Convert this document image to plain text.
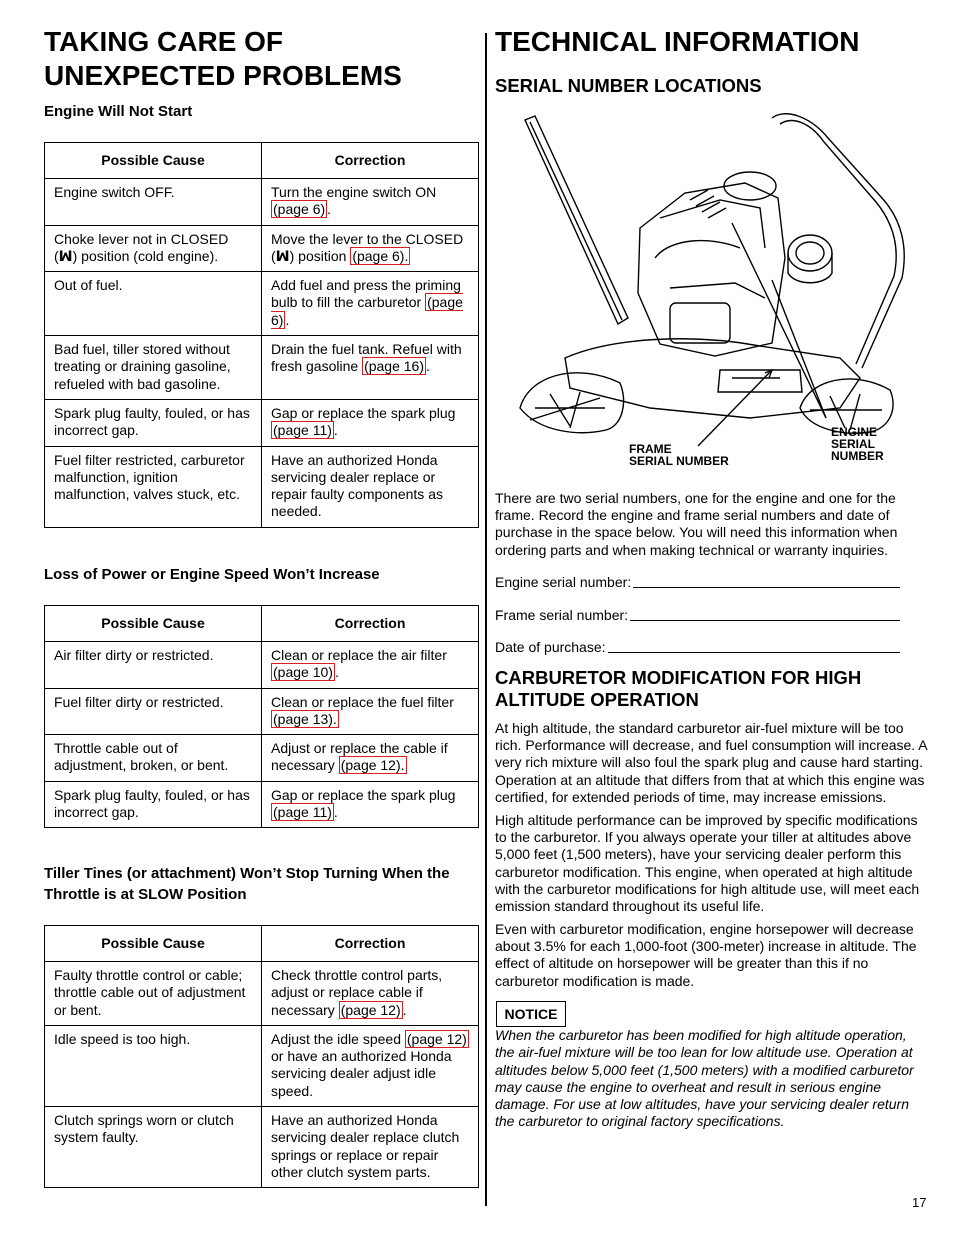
TAKING CARE OF
UNEXPECTED PROBLEMS
Engine Will Not Start
Possible Cause	Correction
Engine switch OFF.	Turn the engine switch ON (page 6) .
Choke lever not in CLOSED (ꟽ) position (cold engine).	Move the lever to the CLOSED (ꟽ) position (page 6).
Out of fuel.	Add fuel and press the priming bulb to fill the carburetor (page 6) .
Bad fuel, tiller stored without treating or draining gasoline, refueled with bad gasoline.	Drain the fuel tank. Refuel with fresh gasoline (page 16) .
Spark plug faulty, fouled, or has incorrect gap.	Gap or replace the spark plug (page 11) .
Fuel filter restricted, carburetor malfunction, ignition malfunction, valves stuck, etc.	Have an authorized Honda servicing dealer replace or repair faulty components as needed.
Loss of Power or Engine Speed Won’t Increase
Possible Cause	Correction
Air filter dirty or restricted.	Clean or replace the air filter (page 10) .
Fuel filter dirty or restricted.	Clean or replace the fuel filter (page 13).
Throttle cable out of adjustment, broken, or bent.	Adjust or replace the cable if necessary (page 12).
Spark plug faulty, fouled, or has incorrect gap.	Gap or replace the spark plug (page 11) .
Tiller Tines (or attachment) Won’t Stop Turning When the Throttle is at SLOW Position
Possible Cause	Correction
Faulty throttle control or cable; throttle cable out of adjustment or bent.	Check throttle control parts, adjust or replace cable if necessary (page 12) .
Idle speed is too high.	Adjust the idle speed (page 12) or have an authorized Honda servicing dealer adjust idle speed.
Clutch springs worn or clutch system faulty.	Have an authorized Honda servicing dealer replace clutch springs or replace or repair other clutch system parts.
TECHNICAL INFORMATION
SERIAL NUMBER LOCATIONS
FRAME
SERIAL NUMBER
ENGINE
SERIAL
NUMBER

There are two serial numbers, one for the engine and one for the frame. Record the engine and frame serial numbers and date of purchase in the space below. You will need this information when ordering parts and when making technical or warranty inquiries.

Engine serial number:
Frame serial number:
Date of purchase:
CARBURETOR MODIFICATION FOR HIGH
ALTITUDE OPERATION

At high altitude, the standard carburetor air-fuel mixture will be too rich. Performance will decrease, and fuel consumption will increase. A very rich mixture will also foul the spark plug and cause hard starting. Operation at an altitude that differs from that at which this engine was certified, for extended periods of time, may increase emissions.

High altitude performance can be improved by specific modifications to the carburetor. If you always operate your tiller at altitudes above 5,000 feet (1,500 meters), have your servicing dealer perform this carburetor modification. This engine, when operated at high altitude with the carburetor modifications for high altitude use, will meet each emission standard throughout its useful life.

Even with carburetor modification, engine horsepower will decrease about 3.5% for each 1,000-foot (300-meter) increase in altitude. The effect of altitude on horsepower will be greater than this if no carburetor modification is made.

NOTICE

When the carburetor has been modified for high altitude operation, the air-fuel mixture will be too lean for low altitude use. Operation at altitudes below 5,000 feet (1,500 meters) with a modified carburetor may cause the engine to overheat and result in serious engine damage. For use at low altitudes, have your servicing dealer return the carburetor to original factory specifications.

17
